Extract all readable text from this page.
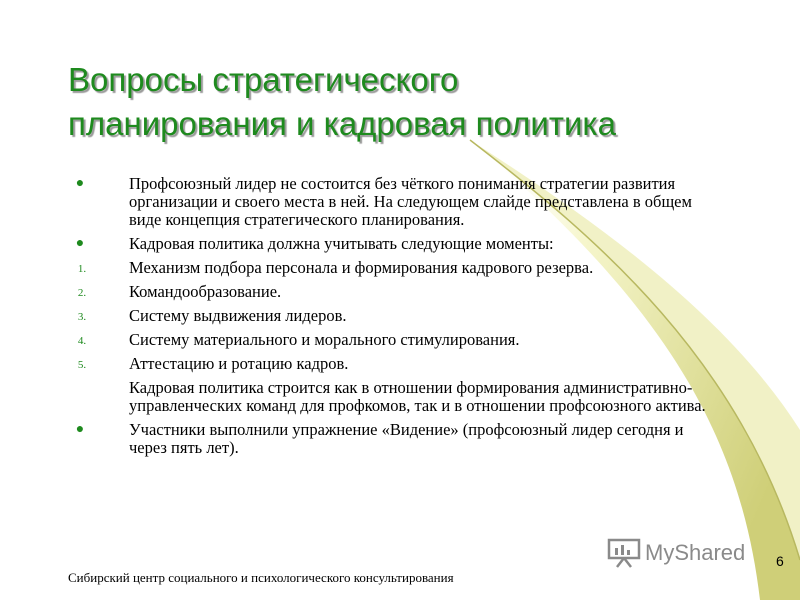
Вопросы стратегического
планирования и кадровая политика
●	Профсоюзный лидер не состоится без чёткого понимания стратегии развития организации и своего места в ней. На следующем слайде представлена в общем виде концепция стратегического планирования.
●	Кадровая политика должна учитывать следующие моменты:
1.	Механизм подбора персонала и формирования кадрового резерва.
2.	Командообразование.
3.	Систему выдвижения лидеров.
4.	Систему материального и морального стимулирования.
5.	Аттестацию и ротацию кадров.
Кадровая политика строится как в отношении формирования административно-управленческих команд для профкомов, так и в отношении профсоюзного актива.
●	Участники выполнили упражнение «Видение» (профсоюзный лидер сегодня и через пять лет).
MyShared
Сибирский центр социального и психологического консультирования
6
